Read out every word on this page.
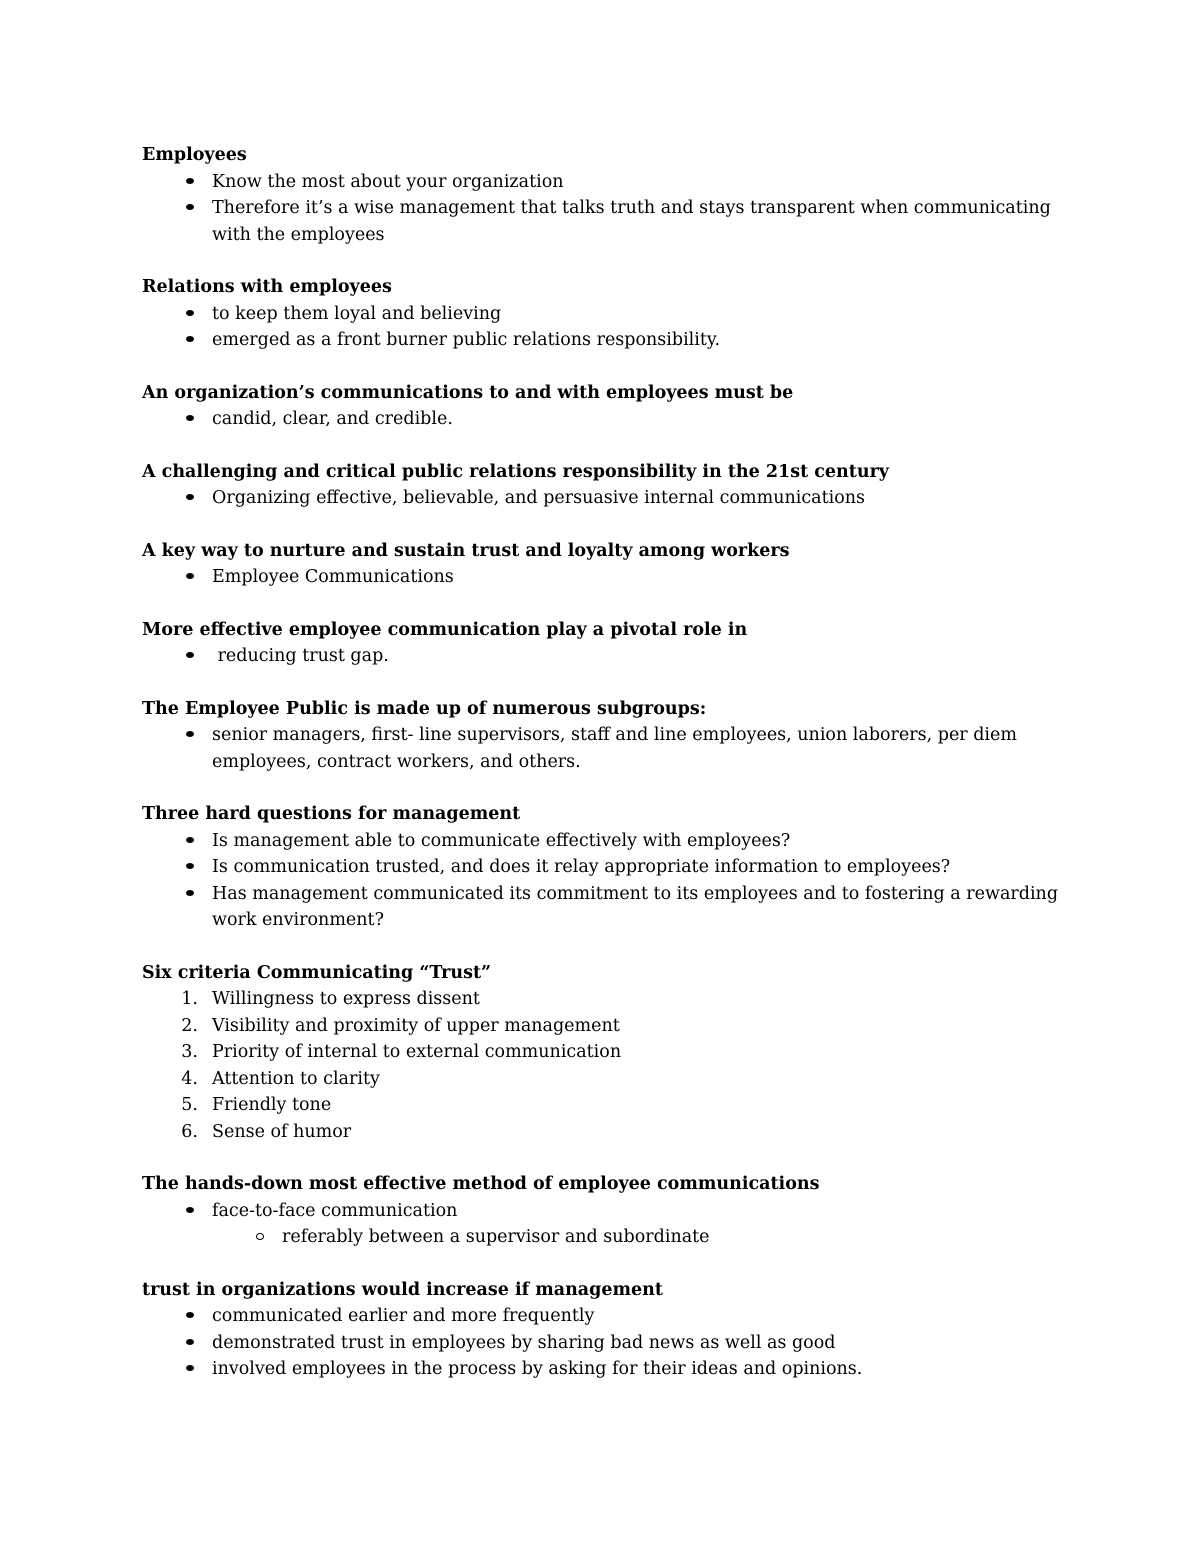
Employees

Know the most about your organization
Therefore it’s a wise management that talks truth and stays transparent when communicating with the employees

Relations with employees

to keep them loyal and believing
emerged as a front burner public relations responsibility.

An organization’s communications to and with employees must be

candid, clear, and credible.

A challenging and critical public relations responsibility in the 21st century

Organizing effective, believable, and persuasive internal communications

A key way to nurture and sustain trust and loyalty among workers

Employee Communications

More effective employee communication play a pivotal role in

reducing trust gap.

The Employee Public is made up of numerous subgroups:

senior managers, first- line supervisors, staff and line employees, union laborers, per diem employees, contract workers, and others.

Three hard questions for management

Is management able to communicate effectively with employees?
Is communication trusted, and does it relay appropriate information to employees?
Has management communicated its commitment to its employees and to fostering a rewarding work environment?

Six criteria Communicating “Trust”

1. Willingness to express dissent
2. Visibility and proximity of upper management
3. Priority of internal to external communication
4. Attention to clarity
5. Friendly tone
6. Sense of humor

The hands-down most effective method of employee communications

face-to-face communication
referably between a supervisor and subordinate

trust in organizations would increase if management

communicated earlier and more frequently
demonstrated trust in employees by sharing bad news as well as good
involved employees in the process by asking for their ideas and opinions.
